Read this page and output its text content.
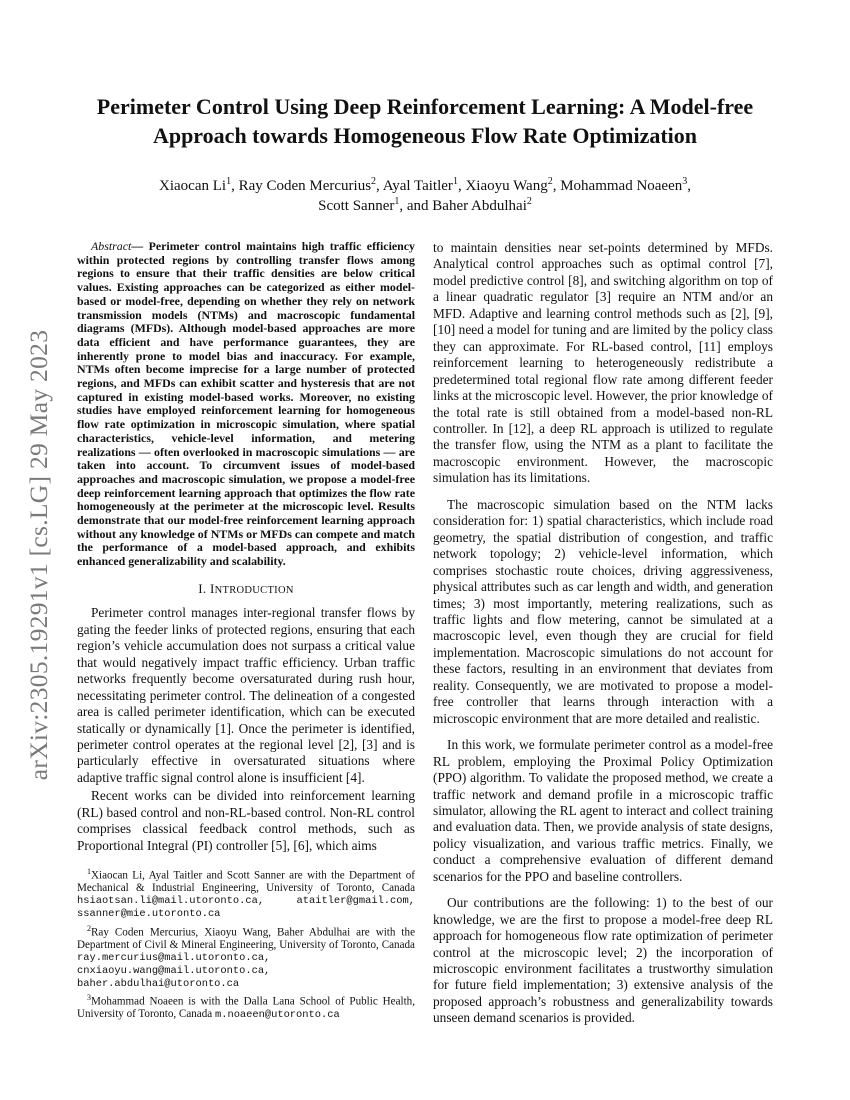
arXiv:2305.19291v1 [cs.LG] 29 May 2023
Perimeter Control Using Deep Reinforcement Learning: A Model-free
Approach towards Homogeneous Flow Rate Optimization
Xiaocan Li$^1$, Ray Coden Mercurius$^2$, Ayal Taitler$^1$, Xiaoyu Wang$^2$, Mohammad Noaeen$^3$,
Scott Sanner$^1$, and Baher Abdulhai$^2$

Abstract— Perimeter control maintains high traffic efficiency within protected regions by controlling transfer flows among regions to ensure that their traffic densities are below critical values. Existing approaches can be categorized as either model-based or model-free, depending on whether they rely on network transmission models (NTMs) and macroscopic fundamental diagrams (MFDs). Although model-based approaches are more data efficient and have performance guarantees, they are inherently prone to model bias and inaccuracy. For example, NTMs often become imprecise for a large number of protected regions, and MFDs can exhibit scatter and hysteresis that are not captured in existing model-based works. Moreover, no existing studies have employed reinforcement learning for homogeneous flow rate optimization in microscopic simulation, where spatial characteristics, vehicle-level information, and metering realizations — often overlooked in macroscopic simulations — are taken into account. To circumvent issues of model-based approaches and macroscopic simulation, we propose a model-free deep reinforcement learning approach that optimizes the flow rate homogeneously at the perimeter at the microscopic level. Results demonstrate that our model-free reinforcement learning approach without any knowledge of NTMs or MFDs can compete and match the performance of a model-based approach, and exhibits enhanced generalizability and scalability.

I. INTRODUCTION

Perimeter control manages inter-regional transfer flows by gating the feeder links of protected regions, ensuring that each region’s vehicle accumulation does not surpass a critical value that would negatively impact traffic efficiency. Urban traffic networks frequently become oversaturated during rush hour, necessitating perimeter control. The delineation of a congested area is called perimeter identification, which can be executed statically or dynamically [1]. Once the perimeter is identified, perimeter control operates at the regional level [2], [3] and is particularly effective in oversaturated situations where adaptive traffic signal control alone is insufficient [4].

Recent works can be divided into reinforcement learning (RL) based control and non-RL-based control. Non-RL control comprises classical feedback control methods, such as Proportional Integral (PI) controller [5], [6], which aims

$^1$Xiaocan Li, Ayal Taitler and Scott Sanner are with the Department of Mechanical & Industrial Engineering, University of Toronto, Canada hsiaotsan.li@mail.utoronto.ca, ataitler@gmail.com, ssanner@mie.utoronto.ca

$^2$Ray Coden Mercurius, Xiaoyu Wang, Baher Abdulhai are with the Department of Civil & Mineral Engineering, University of Toronto, Canada ray.mercurius@mail.utoronto.ca, cnxiaoyu.wang@mail.utoronto.ca, baher.abdulhai@utoronto.ca

$^3$Mohammad Noaeen is with the Dalla Lana School of Public Health, University of Toronto, Canada m.noaeen@utoronto.ca

to maintain densities near set-points determined by MFDs. Analytical control approaches such as optimal control [7], model predictive control [8], and switching algorithm on top of a linear quadratic regulator [3] require an NTM and/or an MFD. Adaptive and learning control methods such as [2], [9], [10] need a model for tuning and are limited by the policy class they can approximate. For RL-based control, [11] employs reinforcement learning to heterogeneously redistribute a predetermined total regional flow rate among different feeder links at the microscopic level. However, the prior knowledge of the total rate is still obtained from a model-based non-RL controller. In [12], a deep RL approach is utilized to regulate the transfer flow, using the NTM as a plant to facilitate the macroscopic environment. However, the macroscopic simulation has its limitations.

The macroscopic simulation based on the NTM lacks consideration for: 1) spatial characteristics, which include road geometry, the spatial distribution of congestion, and traffic network topology; 2) vehicle-level information, which comprises stochastic route choices, driving aggressiveness, physical attributes such as car length and width, and generation times; 3) most importantly, metering realizations, such as traffic lights and flow metering, cannot be simulated at a macroscopic level, even though they are crucial for field implementation. Macroscopic simulations do not account for these factors, resulting in an environment that deviates from reality. Consequently, we are motivated to propose a model-free controller that learns through interaction with a microscopic environment that are more detailed and realistic.

In this work, we formulate perimeter control as a model-free RL problem, employing the Proximal Policy Optimization (PPO) algorithm. To validate the proposed method, we create a traffic network and demand profile in a microscopic traffic simulator, allowing the RL agent to interact and collect training and evaluation data. Then, we provide analysis of state designs, policy visualization, and various traffic metrics. Finally, we conduct a comprehensive evaluation of different demand scenarios for the PPO and baseline controllers.

Our contributions are the following: 1) to the best of our knowledge, we are the first to propose a model-free deep RL approach for homogeneous flow rate optimization of perimeter control at the microscopic level; 2) the incorporation of microscopic environment facilitates a trustworthy simulation for future field implementation; 3) extensive analysis of the proposed approach’s robustness and generalizability towards unseen demand scenarios is provided.
